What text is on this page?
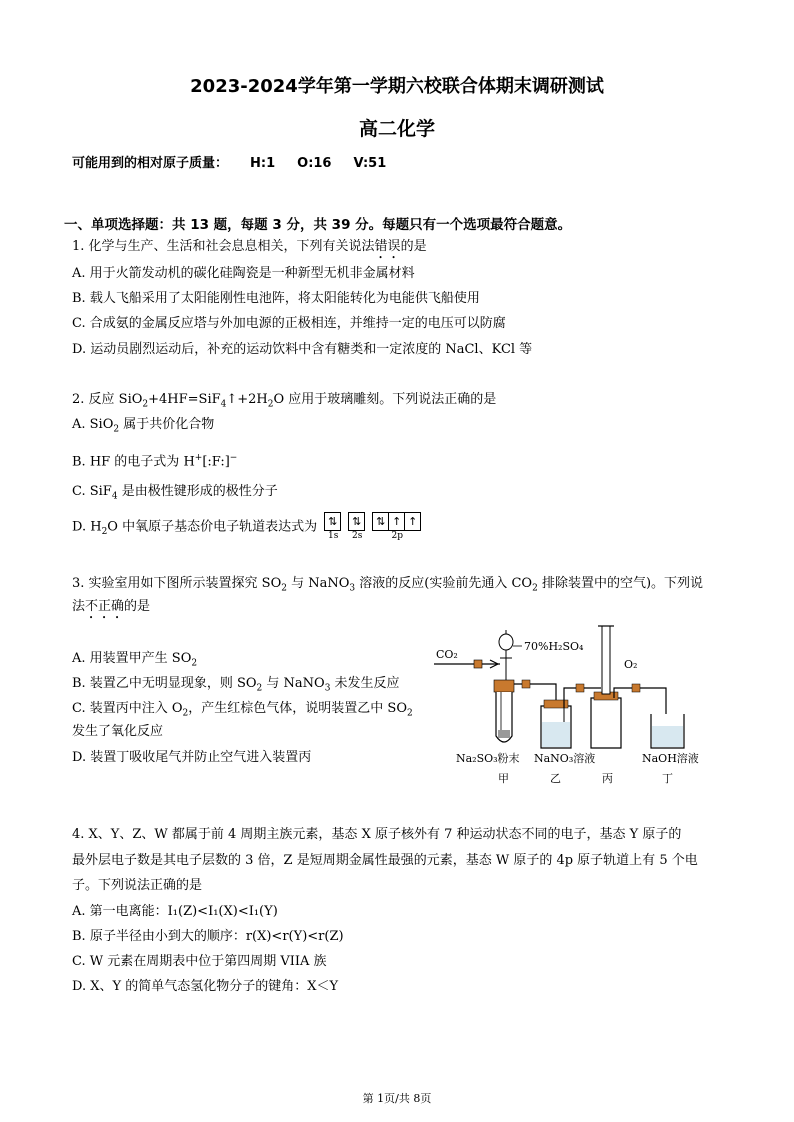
2023-2024学年第一学期六校联合体期末调研测试
高二化学
可能用到的相对原子质量： H:1 O:16 V:51
一、单项选择题：共 13 题，每题 3 分，共 39 分。每题只有一个选项最符合题意。
1. 化学与生产、生活和社会息息相关，下列有关说法错误的是
A. 用于火箭发动机的碳化硅陶瓷是一种新型无机非金属材料
B. 载人飞船采用了太阳能刚性电池阵，将太阳能转化为电能供飞船使用
C. 合成氨的金属反应塔与外加电源的正极相连，并维持一定的电压可以防腐
D. 运动员剧烈运动后，补充的运动饮料中含有糖类和一定浓度的 NaCl、KCl 等
2. 反应 $SiO_2+4HF=SiF_4↑+2H_2O$ 应用于玻璃雕刻。下列说法正确的是
A. SiO$_2$ 属于共价化合物
B. HF 的电子式为 H+[:F:]−
C. SiF$_4$ 是由极性键形成的极性分子
D. $H_2O$ 中氧原子基态价电子轨道表达式为	⇅
1s
⇅
2s
⇅ ↑ ↑
2p
3. 实验室用如下图所示装置探究 $SO_2$ 与 NaNO$_3$ 溶液的反应(实验前先通入 $CO_2$ 排除装置中的空气)。下列说
法不正确的是
A. 用装置甲产生 $SO_2$
B. 装置乙中无明显现象，则 $SO_2$ 与 NaNO$_3$ 未发生反应
C. 装置丙中注入 $O_2$，产生红棕色气体，说明装置乙中 $SO_2$
发生了氧化反应
D. 装置丁吸收尾气并防止空气进入装置丙
CO₂
70%H₂SO₄
O₂
Na₂SO₃粉末 NaNO₃溶液	NaOH溶液
甲	乙	丙	丁
4. X、Y、Z、W 都属于前 4 周期主族元素，基态 X 原子核外有 7 种运动状态不同的电子，基态 Y 原子的
最外层电子数是其电子层数的 3 倍，Z 是短周期金属性最强的元素，基态 W 原子的 4p 原子轨道上有 5 个电
子。下列说法正确的是
A. 第一电离能：I₁(Z)<I₁(X)<I₁(Y)
B. 原子半径由小到大的顺序：r(X)<r(Y)<r(Z)
C. W 元素在周期表中位于第四周期 VIIA 族
D. X、Y 的简单气态氢化物分子的键角：X＜Y
第 1页/共 8页
